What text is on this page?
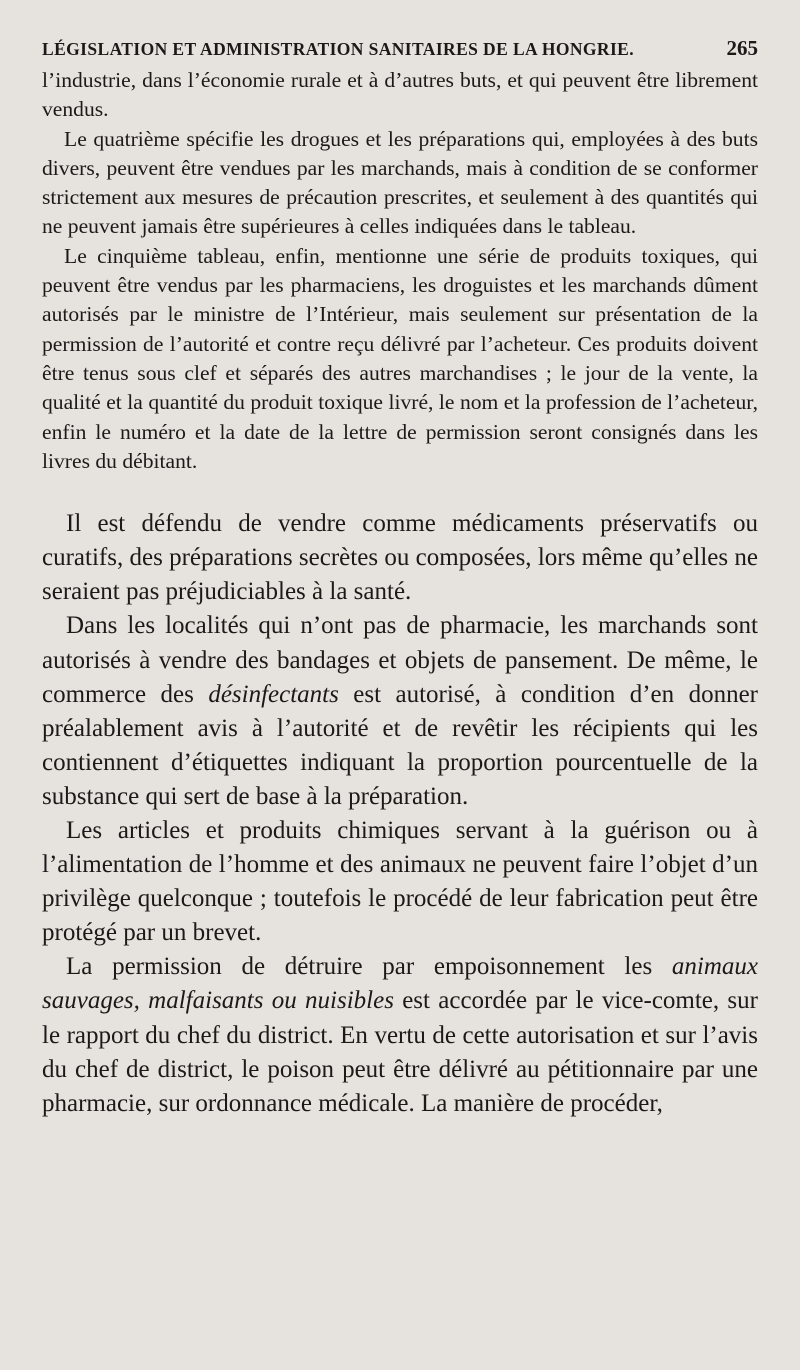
LÉGISLATION ET ADMINISTRATION SANITAIRES DE LA HONGRIE.	265

l’industrie, dans l’économie rurale et à d’autres buts, et qui peuvent être librement vendus.

Le quatrième spécifie les drogues et les préparations qui, employées à des buts divers, peuvent être vendues par les marchands, mais à condition de se conformer strictement aux mesures de précaution prescrites, et seulement à des quantités qui ne peuvent jamais être supérieures à celles indiquées dans le tableau.

Le cinquième tableau, enfin, mentionne une série de produits toxiques, qui peuvent être vendus par les pharmaciens, les droguistes et les marchands dûment autorisés par le ministre de l’Intérieur, mais seulement sur présentation de la permission de l’autorité et contre reçu délivré par l’acheteur. Ces produits doivent être tenus sous clef et séparés des autres marchandises ; le jour de la vente, la qualité et la quantité du produit toxique livré, le nom et la profession de l’acheteur, enfin le numéro et la date de la lettre de permission seront consignés dans les livres du débitant.

Il est défendu de vendre comme médicaments préservatifs ou curatifs, des préparations secrètes ou composées, lors même qu’elles ne seraient pas préjudiciables à la santé.

Dans les localités qui n’ont pas de pharmacie, les marchands sont autorisés à vendre des bandages et objets de pansement. De même, le commerce des désinfectants est autorisé, à condition d’en donner préalablement avis à l’autorité et de revêtir les récipients qui les contiennent d’étiquettes indiquant la proportion pourcentuelle de la substance qui sert de base à la préparation.

Les articles et produits chimiques servant à la guérison ou à l’alimentation de l’homme et des animaux ne peuvent faire l’objet d’un privilège quelconque ; toutefois le procédé de leur fabrication peut être protégé par un brevet.

La permission de détruire par empoisonnement les animaux sauvages, malfaisants ou nuisibles est accordée par le vice-comte, sur le rapport du chef du district. En vertu de cette autorisation et sur l’avis du chef de district, le poison peut être délivré au pétitionnaire par une pharmacie, sur ordonnance médicale. La manière de procéder,
